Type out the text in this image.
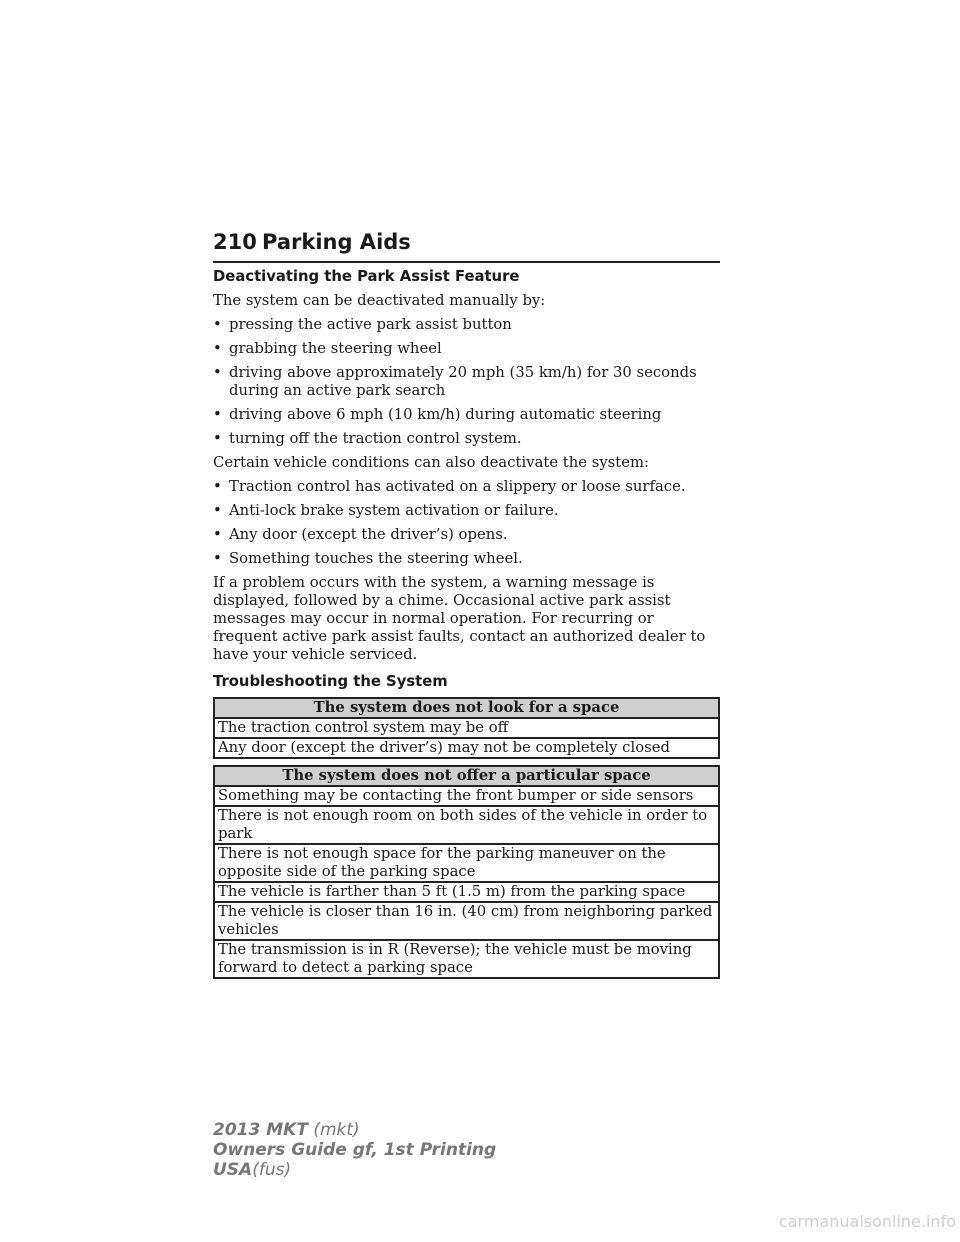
210 Parking Aids
Deactivating the Park Assist Feature
The system can be deactivated manually by:
• pressing the active park assist button
• grabbing the steering wheel
• driving above approximately 20 mph (35 km/h) for 30 seconds during an active park search
• driving above 6 mph (10 km/h) during automatic steering
• turning off the traction control system.
Certain vehicle conditions can also deactivate the system:
• Traction control has activated on a slippery or loose surface.
• Anti-lock brake system activation or failure.
• Any door (except the driver’s) opens.
• Something touches the steering wheel.
If a problem occurs with the system, a warning message is displayed, followed by a chime. Occasional active park assist messages may occur in normal operation. For recurring or frequent active park assist faults, contact an authorized dealer to have your vehicle serviced.
Troubleshooting the System
The system does not look for a space
The traction control system may be off
Any door (except the driver’s) may not be completely closed
The system does not offer a particular space
Something may be contacting the front bumper or side sensors
There is not enough room on both sides of the vehicle in order to park
There is not enough space for the parking maneuver on the opposite side of the parking space
The vehicle is farther than 5 ft (1.5 m) from the parking space
The vehicle is closer than 16 in. (40 cm) from neighboring parked vehicles
The transmission is in R (Reverse); the vehicle must be moving forward to detect a parking space
2013 MKT (mkt)
Owners Guide gf, 1st Printing
USA(fus)
carmanualsonline.info
